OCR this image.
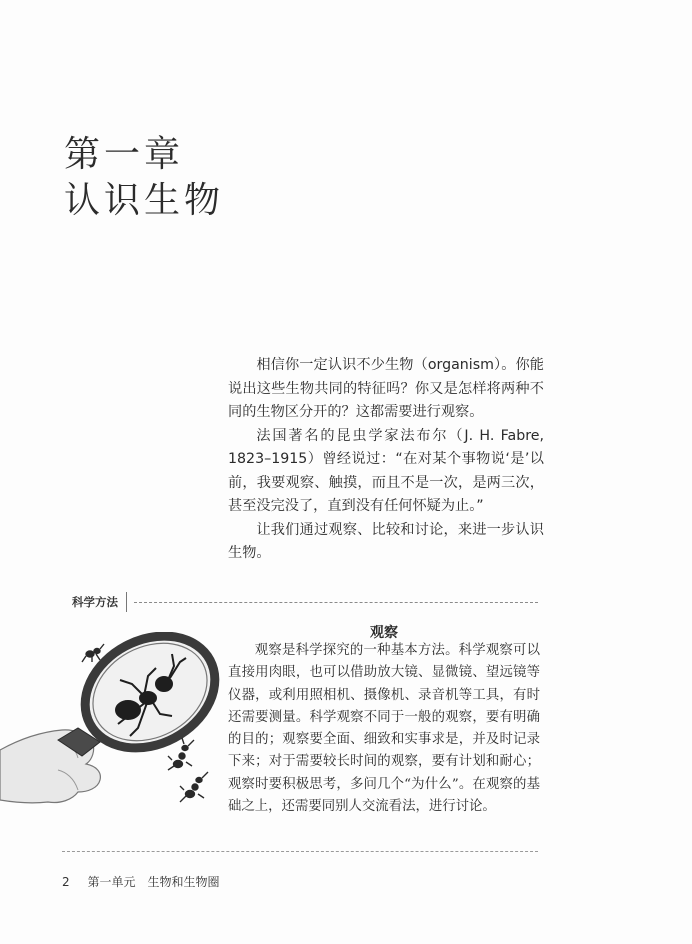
第一章
认识生物

相信你一定认识不少生物（organism）。你能说出这些生物共同的特征吗？你又是怎样将两种不同的生物区分开的？这都需要进行观察。

法国著名的昆虫学家法布尔（J. H. Fabre, 1823–1915）曾经说过：“在对某个事物说‘是’以前，我要观察、触摸，而且不是一次，是两三次，甚至没完没了，直到没有任何怀疑为止。”

让我们通过观察、比较和讨论，来进一步认识生物。

科学方法
观察

观察是科学探究的一种基本方法。科学观察可以直接用肉眼，也可以借助放大镜、显微镜、望远镜等仪器，或利用照相机、摄像机、录音机等工具，有时还需要测量。科学观察不同于一般的观察，要有明确的目的；观察要全面、细致和实事求是，并及时记录下来；对于需要较长时间的观察，要有计划和耐心；观察时要积极思考，多问几个“为什么”。在观察的基础之上，还需要同别人交流看法，进行讨论。

2 第一单元　生物和生物圈
